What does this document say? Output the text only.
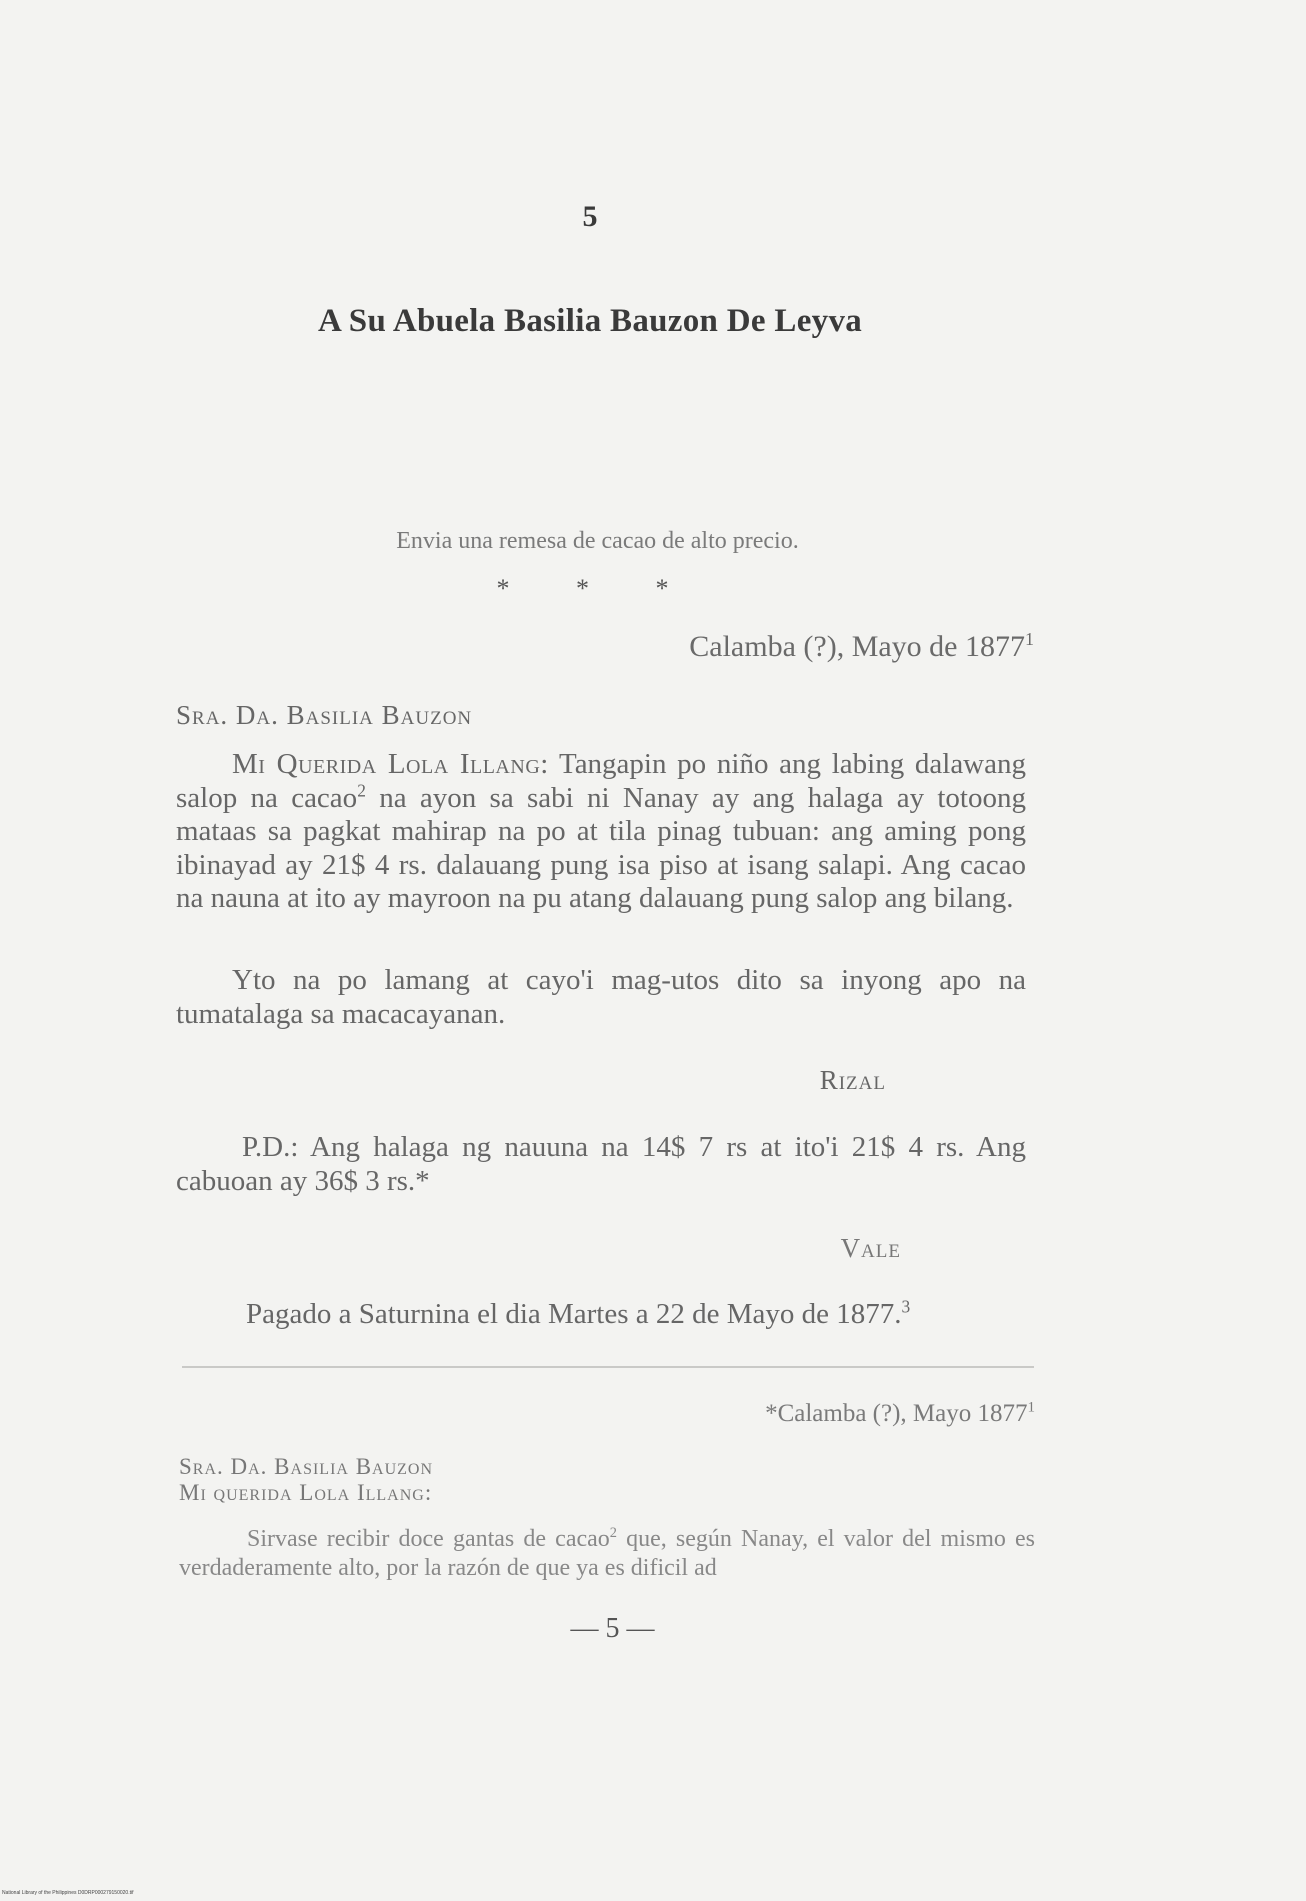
5
A Su Abuela Basilia Bauzon De Leyva
Envia una remesa de cacao de alto precio.
* * *
Calamba (?), Mayo de 1877$^1$
Sra. Da. Basilia Bauzon
Mi Querida Lola Illang: Tangapin po niño ang labing dalawang salop na cacao$^2$ na ayon sa sabi ni Nanay ay ang halaga ay totoong mataas sa pagkat mahirap na po at tila pinag tubuan: ang aming pong ibinayad ay 21$ 4 rs. dalauang pung isa piso at isang salapi. Ang cacao na nauna at ito ay mayroon na pu atang dalauang pung salop ang bilang.
Yto na po lamang at cayo'i mag-utos dito sa inyong apo na tumatalaga sa macacayanan.
Rizal
P.D.: Ang halaga ng nauuna na 14$ 7 rs at ito'i 21$ 4 rs. Ang cabuoan ay 36$ 3 rs.*
Vale
Pagado a Saturnina el dia Martes a 22 de Mayo de 1877.$^3$
*Calamba (?), Mayo 1877$^1$
Sra. Da. Basilia Bauzon
Mi querida Lola Illang:
Sirvase recibir doce gantas de cacao$^2$ que, según Nanay, el valor del mismo es verdaderamente alto, por la razón de que ya es dificil ad
— 5 —
National Library of the Philippines D0DRP000279150020.tif
